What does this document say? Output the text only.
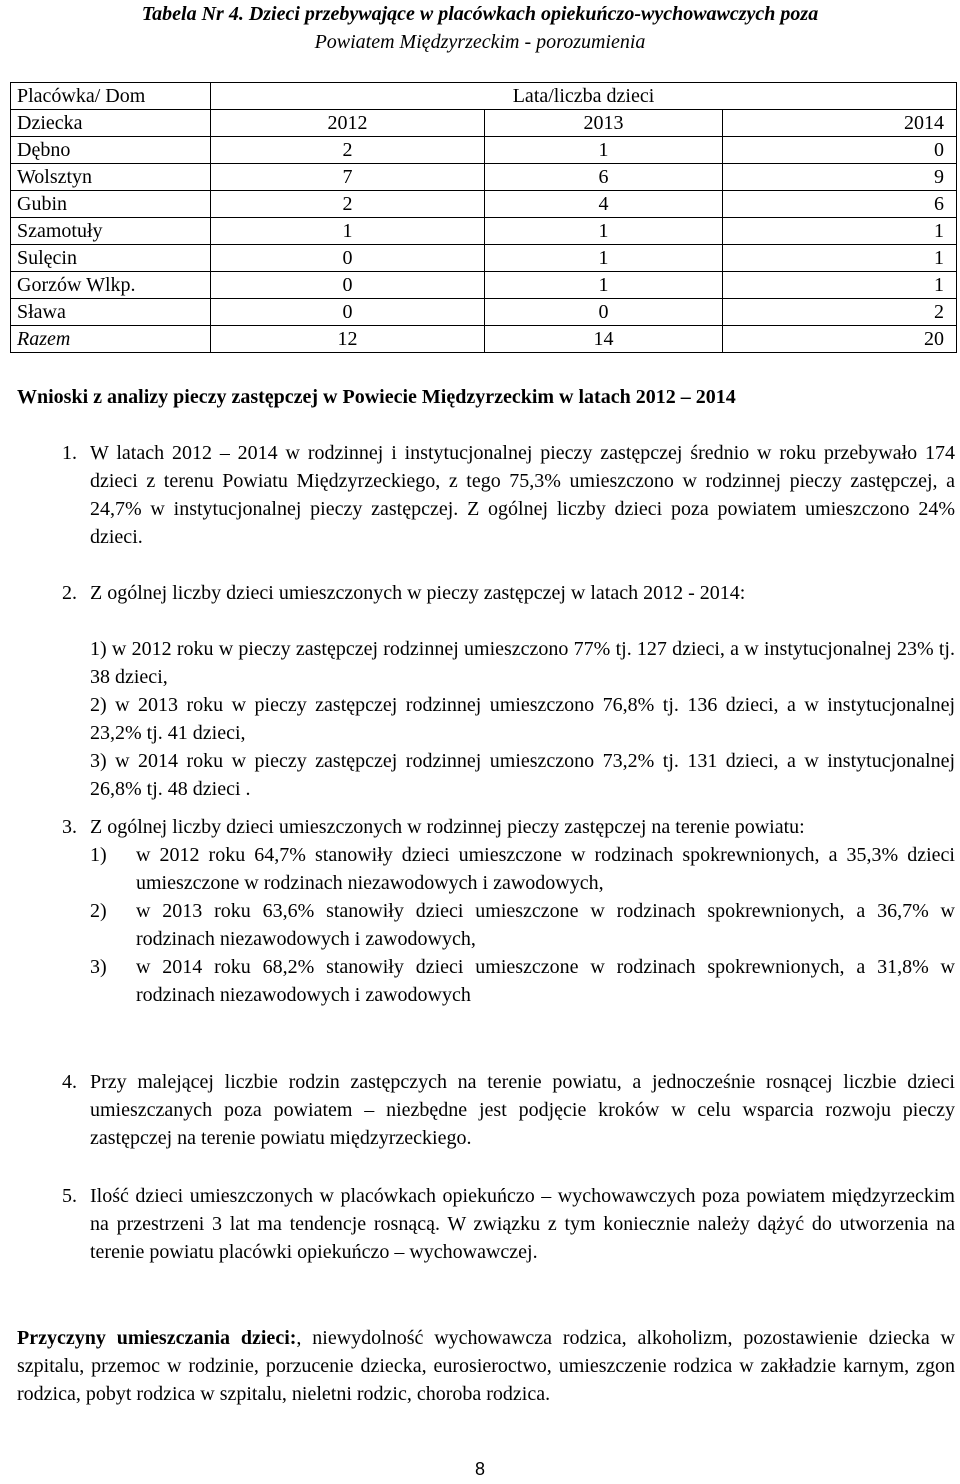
Tabela Nr 4. Dzieci przebywające w placówkach opiekuńczo-wychowawczych poza
Powiatem Międzyrzeckim - porozumienia
Placówka/ Dom	Lata/liczba dzieci		
Dziecka	2012	2013	2014
Dębno	2	1	0
Wolsztyn	7	6	9
Gubin	2	4	6
Szamotuły	1	1	1
Sulęcin	0	1	1
Gorzów Wlkp.	0	1	1
Sława	0	0	2
Razem	12	14	20
Wnioski z analizy pieczy zastępczej w Powiecie Międzyrzeckim w latach 2012 – 2014
1. W latach 2012 – 2014 w rodzinnej i instytucjonalnej pieczy zastępczej średnio w roku przebywało 174 dzieci z terenu Powiatu Międzyrzeckiego, z tego 75,3% umieszczono w rodzinnej pieczy zastępczej, a 24,7% w instytucjonalnej pieczy zastępczej. Z ogólnej liczby dzieci poza powiatem umieszczono 24% dzieci.

2. Z ogólnej liczby dzieci umieszczonych w pieczy zastępczej w latach 2012 - 2014:

1) w 2012 roku w pieczy zastępczej rodzinnej umieszczono 77% tj. 127 dzieci, a w instytucjonalnej 23% tj. 38 dzieci,

2) w 2013 roku w pieczy zastępczej rodzinnej umieszczono 76,8% tj. 136 dzieci, a w instytucjonalnej 23,2% tj. 41 dzieci,

3) w 2014 roku w pieczy zastępczej rodzinnej umieszczono 73,2% tj. 131 dzieci, a w instytucjonalnej 26,8% tj. 48 dzieci .

3. Z ogólnej liczby dzieci umieszczonych w rodzinnej pieczy zastępczej na terenie powiatu:

1) w 2012 roku 64,7% stanowiły dzieci umieszczone w rodzinach spokrewnionych, a 35,3% dzieci umieszczone w rodzinach niezawodowych i zawodowych,

2) w 2013 roku 63,6% stanowiły dzieci umieszczone w rodzinach spokrewnionych, a 36,7% w rodzinach niezawodowych i zawodowych,

3) w 2014 roku 68,2% stanowiły dzieci umieszczone w rodzinach spokrewnionych, a 31,8% w rodzinach niezawodowych i zawodowych

4. Przy malejącej liczbie rodzin zastępczych na terenie powiatu, a jednocześnie rosnącej liczbie dzieci umieszczanych poza powiatem – niezbędne jest podjęcie kroków w celu wsparcia rozwoju pieczy zastępczej na terenie powiatu międzyrzeckiego.

5. Ilość dzieci umieszczonych w placówkach opiekuńczo – wychowawczych poza powiatem międzyrzeckim na przestrzeni 3 lat ma tendencje rosnącą. W związku z tym koniecznie należy dążyć do utworzenia na terenie powiatu placówki opiekuńczo – wychowawczej.

Przyczyny umieszczania dzieci:, niewydolność wychowawcza rodzica, alkoholizm, pozostawienie dziecka w szpitalu, przemoc w rodzinie, porzucenie dziecka, eurosieroctwo, umieszczenie rodzica w zakładzie karnym, zgon rodzica, pobyt rodzica w szpitalu, nieletni rodzic, choroba rodzica.
8
